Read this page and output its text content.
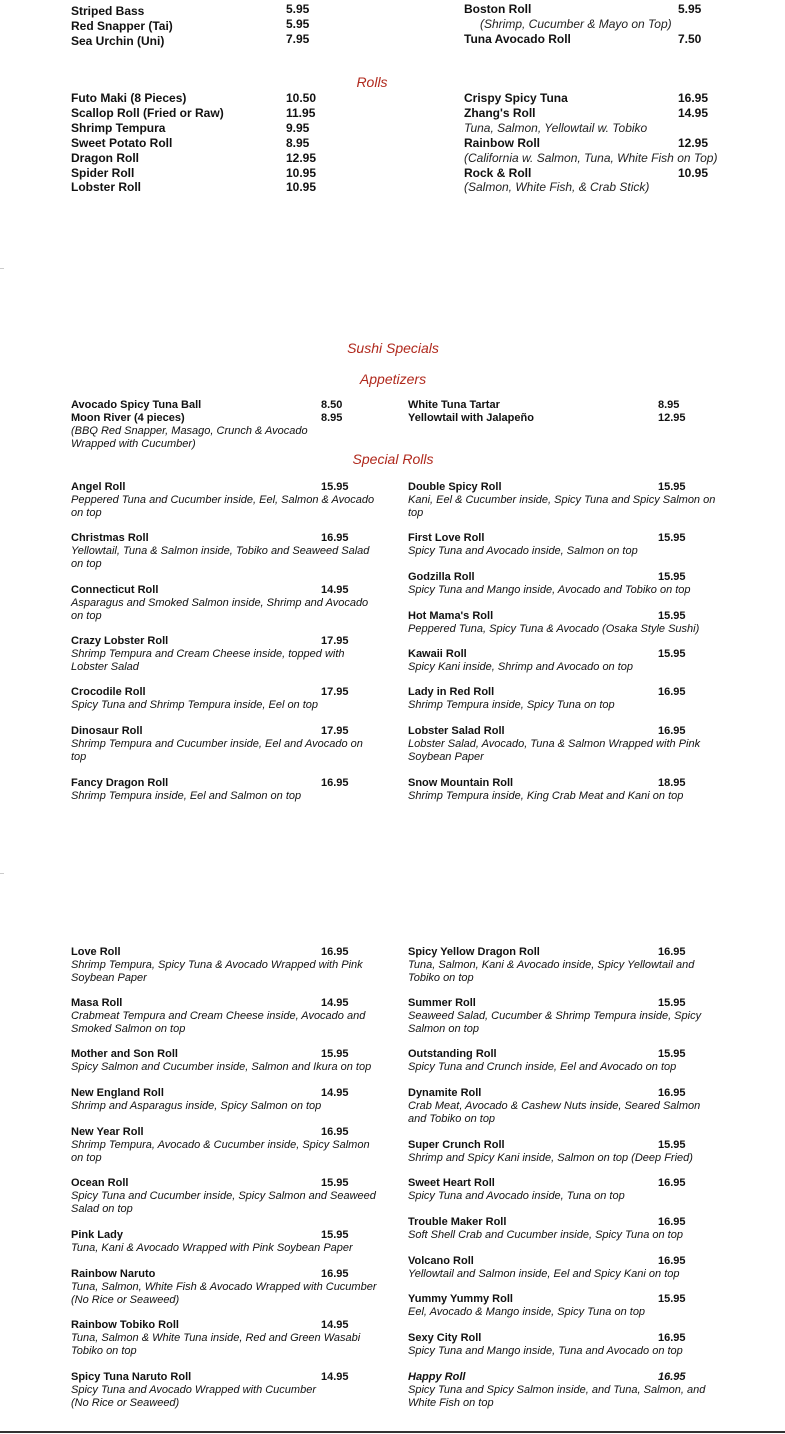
Striped Bass	5.95
Red Snapper (Tai)	5.95
Sea Urchin (Uni)	7.95
Boston Roll	5.95
(Shrimp, Cucumber & Mayo on Top)
Tuna Avocado Roll	7.50
Rolls
Futo Maki (8 Pieces)	10.50
Scallop Roll (Fried or Raw)	11.95
Shrimp Tempura	9.95
Sweet Potato Roll	8.95
Dragon Roll	12.95
Spider Roll	10.95
Lobster Roll	10.95
Crispy Spicy Tuna	16.95
Zhang's Roll	14.95
Tuna, Salmon, Yellowtail w. Tobiko
Rainbow Roll	12.95
(California w. Salmon, Tuna, White Fish on Top)
Rock & Roll	10.95
(Salmon, White Fish, & Crab Stick)
Sushi Specials
Appetizers
Avocado Spicy Tuna Ball	8.50
Moon River (4 pieces)	8.95
(BBQ Red Snapper, Masago, Crunch & Avocado Wrapped with Cucumber)
White Tuna Tartar	8.95
Yellowtail with Jalapeño	12.95
Special Rolls
Angel Roll	15.95
Peppered Tuna and Cucumber inside, Eel, Salmon & Avocado on top
Christmas Roll	16.95
Yellowtail, Tuna & Salmon inside, Tobiko and Seaweed Salad on top
Connecticut Roll	14.95
Asparagus and Smoked Salmon inside, Shrimp and Avocado on top
Crazy Lobster Roll	17.95
Shrimp Tempura and Cream Cheese inside, topped with Lobster Salad
Crocodile Roll	17.95
Spicy Tuna and Shrimp Tempura inside, Eel on top
Dinosaur Roll	17.95
Shrimp Tempura and Cucumber inside, Eel and Avocado on top
Fancy Dragon Roll	16.95
Shrimp Tempura inside, Eel and Salmon on top
Double Spicy Roll	15.95
Kani, Eel & Cucumber inside, Spicy Tuna and Spicy Salmon on top
First Love Roll	15.95
Spicy Tuna and Avocado inside, Salmon on top
Godzilla Roll	15.95
Spicy Tuna and Mango inside, Avocado and Tobiko on top
Hot Mama's Roll	15.95
Peppered Tuna, Spicy Tuna & Avocado (Osaka Style Sushi)
Kawaii Roll	15.95
Spicy Kani inside, Shrimp and Avocado on top
Lady in Red Roll	16.95
Shrimp Tempura inside, Spicy Tuna on top
Lobster Salad Roll	16.95
Lobster Salad, Avocado, Tuna & Salmon Wrapped with Pink Soybean Paper
Snow Mountain Roll	18.95
Shrimp Tempura inside, King Crab Meat and Kani on top
Love Roll	16.95
Shrimp Tempura, Spicy Tuna & Avocado Wrapped with Pink Soybean Paper
Masa Roll	14.95
Crabmeat Tempura and Cream Cheese inside, Avocado and Smoked Salmon on top
Mother and Son Roll	15.95
Spicy Salmon and Cucumber inside, Salmon and Ikura on top
New England Roll	14.95
Shrimp and Asparagus inside, Spicy Salmon on top
New Year Roll	16.95
Shrimp Tempura, Avocado & Cucumber inside, Spicy Salmon on top
Ocean Roll	15.95
Spicy Tuna and Cucumber inside, Spicy Salmon and Seaweed Salad on top
Pink Lady	15.95
Tuna, Kani & Avocado Wrapped with Pink Soybean Paper
Rainbow Naruto	16.95
Tuna, Salmon, White Fish & Avocado Wrapped with Cucumber (No Rice or Seaweed)
Rainbow Tobiko Roll	14.95
Tuna, Salmon & White Tuna inside, Red and Green Wasabi Tobiko on top
Spicy Tuna Naruto Roll	14.95
Spicy Tuna and Avocado Wrapped with Cucumber (No Rice or Seaweed)
Spicy Yellow Dragon Roll	16.95
Tuna, Salmon, Kani & Avocado inside, Spicy Yellowtail and Tobiko on top
Summer Roll	15.95
Seaweed Salad, Cucumber & Shrimp Tempura inside, Spicy Salmon on top
Outstanding Roll	15.95
Spicy Tuna and Crunch inside, Eel and Avocado on top
Dynamite Roll	16.95
Crab Meat, Avocado & Cashew Nuts inside, Seared Salmon and Tobiko on top
Super Crunch Roll	15.95
Shrimp and Spicy Kani inside, Salmon on top (Deep Fried)
Sweet Heart Roll	16.95
Spicy Tuna and Avocado inside, Tuna on top
Trouble Maker Roll	16.95
Soft Shell Crab and Cucumber inside, Spicy Tuna on top
Volcano Roll	16.95
Yellowtail and Salmon inside, Eel and Spicy Kani on top
Yummy Yummy Roll	15.95
Eel, Avocado & Mango inside, Spicy Tuna on top
Sexy City Roll	16.95
Spicy Tuna and Mango inside, Tuna and Avocado on top
Happy Roll	16.95
Spicy Tuna and Spicy Salmon inside, and Tuna, Salmon, and White Fish on top
